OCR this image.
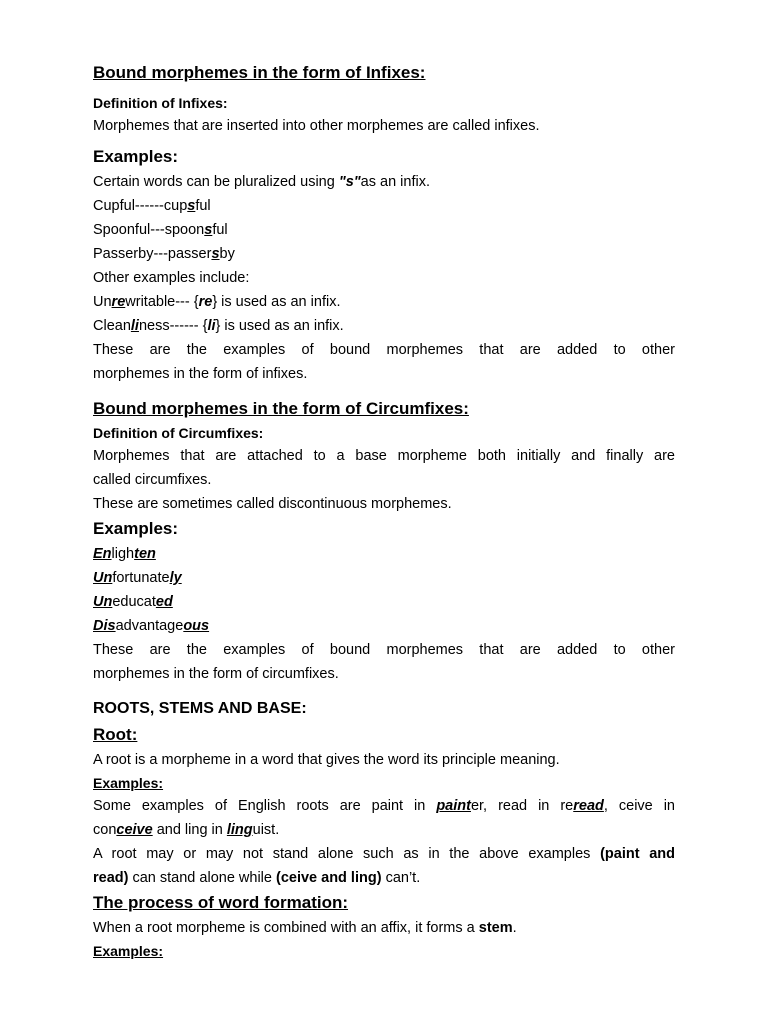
Bound morphemes in the form of Infixes:
Definition of Infixes:
Morphemes that are inserted into other morphemes are called infixes.
Examples:
Certain words can be pluralized using "s"as an infix.
Cupful------cupsful
Spoonful---spoonsful
Passerby---passersby
Other examples include:
Unrewritable--- {re} is used as an infix.
Cleanliness------ {li} is used as an infix.
These are the examples of bound morphemes that are added to other
morphemes in the form of infixes.
Bound morphemes in the form of Circumfixes:
Definition of Circumfixes:
Morphemes that are attached to a base morpheme both initially and finally are
called circumfixes.
These are sometimes called discontinuous morphemes.
Examples:
Enlighten
Unfortunately
Uneducated
Disadvantageous
These are the examples of bound morphemes that are added to other
morphemes in the form of circumfixes.
ROOTS, STEMS AND BASE:
Root:
A root is a morpheme in a word that gives the word its principle meaning.
Examples:
Some examples of English roots are paint in painter, read in reread, ceive in
conceive and ling in linguist.
A root may or may not stand alone such as in the above examples (paint and
read) can stand alone while (ceive and ling) can’t.
The process of word formation:
When a root morpheme is combined with an affix, it forms a stem.
Examples:
